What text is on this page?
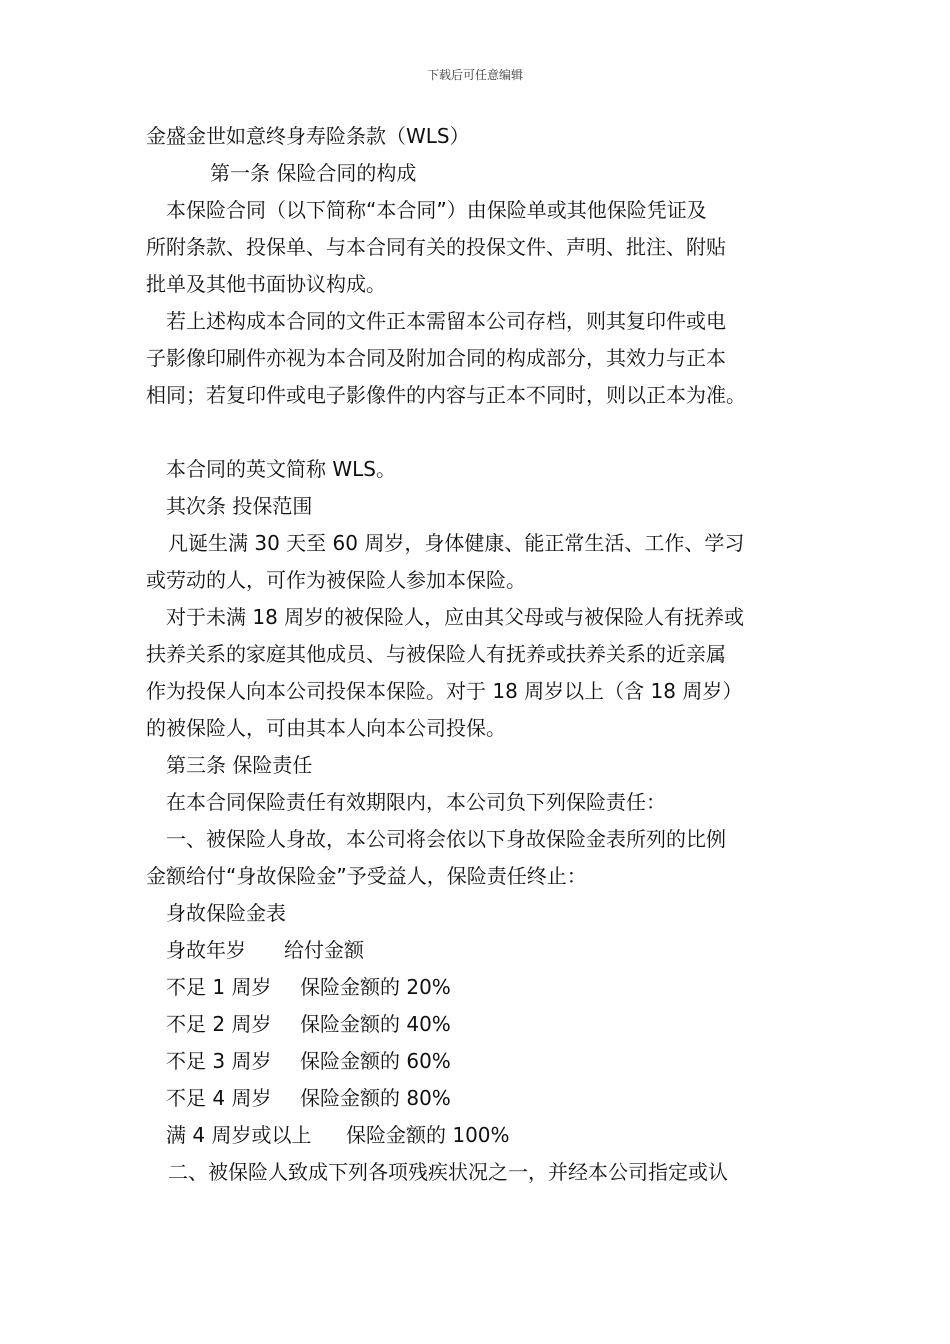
下载后可任意编辑
金盛金世如意终身寿险条款（WLS）
第一条 保险合同的构成
本保险合同（以下简称“本合同”）由保险单或其他保险凭证及
所附条款、投保单、与本合同有关的投保文件、声明、批注、附贴
批单及其他书面协议构成。
若上述构成本合同的文件正本需留本公司存档，则其复印件或电
子影像印刷件亦视为本合同及附加合同的构成部分，其效力与正本
相同；若复印件或电子影像件的内容与正本不同时，则以正本为准。
本合同的英文简称 WLS。
其次条 投保范围
凡诞生满 30 天至 60 周岁，身体健康、能正常生活、工作、学习
或劳动的人，可作为被保险人参加本保险。
对于未满 18 周岁的被保险人，应由其父母或与被保险人有抚养或
扶养关系的家庭其他成员、与被保险人有抚养或扶养关系的近亲属
作为投保人向本公司投保本保险。对于 18 周岁以上（含 18 周岁）
的被保险人，可由其本人向本公司投保。
第三条 保险责任
在本合同保险责任有效期限内，本公司负下列保险责任：
一、被保险人身故，本公司将会依以下身故保险金表所列的比例
金额给付“身故保险金”予受益人，保险责任终止：
身故保险金表
身故年岁 给付金额
不足 1 周岁 保险金额的 20%
不足 2 周岁 保险金额的 40%
不足 3 周岁 保险金额的 60%
不足 4 周岁 保险金额的 80%
满 4 周岁或以上 保险金额的 100%
二、被保险人致成下列各项残疾状况之一，并经本公司指定或认
